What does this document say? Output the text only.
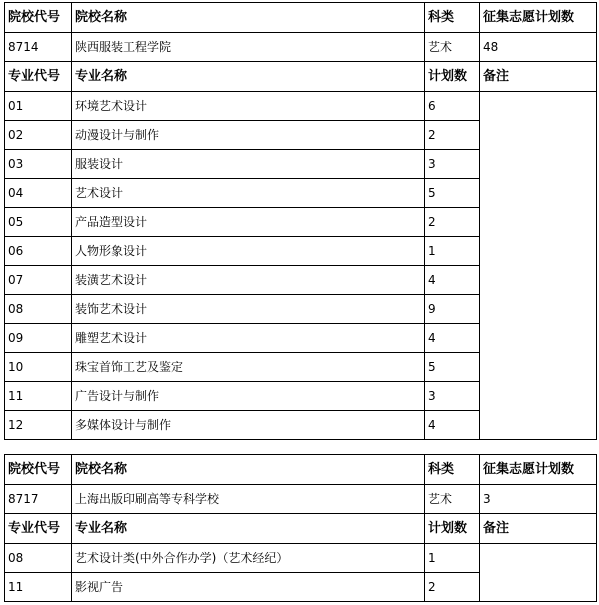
院校代号	院校名称	科类	征集志愿计划数
8714	陕西服装工程学院	艺术	48
专业代号	专业名称	计划数	备注
01	环境艺术设计	6	
02	动漫设计与制作	2	
03	服装设计	3	
04	艺术设计	5	
05	产品造型设计	2	
06	人物形象设计	1	
07	装潢艺术设计	4	
08	装饰艺术设计	9	
09	雕塑艺术设计	4	
10	珠宝首饰工艺及鉴定	5	
11	广告设计与制作	3	
12	多媒体设计与制作	4	
院校代号	院校名称	科类	征集志愿计划数
8717	上海出版印刷高等专科学校	艺术	3
专业代号	专业名称	计划数	备注
08	艺术设计类(中外合作办学)（艺术经纪）	1	
11	影视广告	2	
